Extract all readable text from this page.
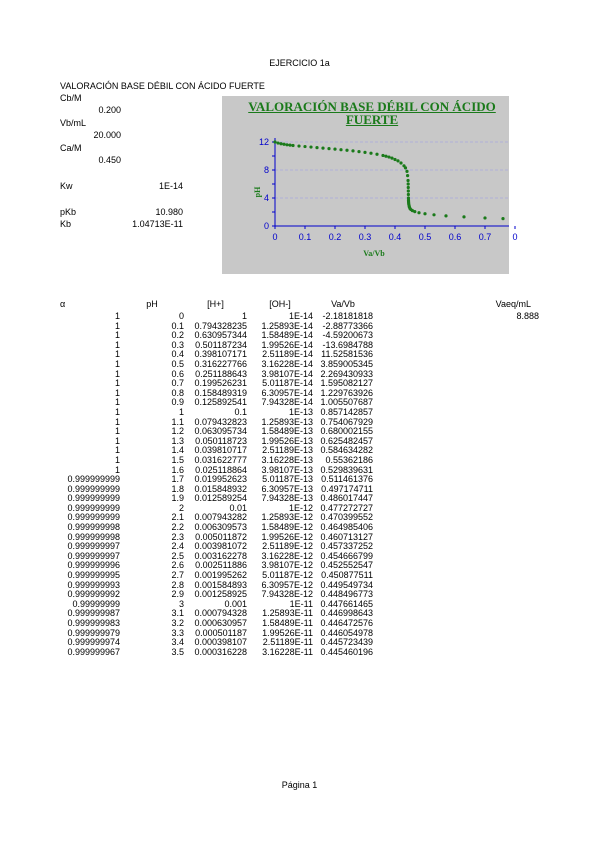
EJERCICIO 1a
VALORACIÓN BASE DÉBIL CON ÁCIDO FUERTE
Cb/M
0.200
Vb/mL
20.000
Ca/M
0.450
Kw	1E-14
pKb	10.980
Kb	1.04713E-11	0
4
8
12
0 0.1 0.2 0.3 0.4 0.5 0.6 0.7 0
pH
Va/Vb
VALORACIÓN BASE DÉBIL CON ÁCIDO FUERTE
α	pH	[H+]	[OH-]	Va/Vb	Vaeq/mL
1	0	1	1E-14	-2.18181818	8.888
1	0.1	0.794328235	1.25893E-14	-2.88773366	
1	0.2	0.630957344	1.58489E-14	-4.59200673	
1	0.3	0.501187234	1.99526E-14	-13.6984788	
1	0.4	0.398107171	2.51189E-14	11.52581536	
1	0.5	0.316227766	3.16228E-14	3.859005345	
1	0.6	0.251188643	3.98107E-14	2.269430933	
1	0.7	0.199526231	5.01187E-14	1.595082127	
1	0.8	0.158489319	6.30957E-14	1.229763926	
1	0.9	0.125892541	7.94328E-14	1.005507687	
1	1	0.1	1E-13	0.857142857	
1	1.1	0.079432823	1.25893E-13	0.754067929	
1	1.2	0.063095734	1.58489E-13	0.680002155	
1	1.3	0.050118723	1.99526E-13	0.625482457	
1	1.4	0.039810717	2.51189E-13	0.584634282	
1	1.5	0.031622777	3.16228E-13	0.55362186	
1	1.6	0.025118864	3.98107E-13	0.529839631	
0.999999999	1.7	0.019952623	5.01187E-13	0.511461376	
0.999999999	1.8	0.015848932	6.30957E-13	0.497174711	
0.999999999	1.9	0.012589254	7.94328E-13	0.486017447	
0.999999999	2	0.01	1E-12	0.477272727	
0.999999999	2.1	0.007943282	1.25893E-12	0.470399552	
0.999999998	2.2	0.006309573	1.58489E-12	0.464985406	
0.999999998	2.3	0.005011872	1.99526E-12	0.460713127	
0.999999997	2.4	0.003981072	2.51189E-12	0.457337252	
0.999999997	2.5	0.003162278	3.16228E-12	0.454666799	
0.999999996	2.6	0.002511886	3.98107E-12	0.452552547	
0.999999995	2.7	0.001995262	5.01187E-12	0.450877511	
0.999999993	2.8	0.001584893	6.30957E-12	0.449549734	
0.999999992	2.9	0.001258925	7.94328E-12	0.448496773	
0.99999999	3	0.001	1E-11	0.447661465	
0.999999987	3.1	0.000794328	1.25893E-11	0.446998643	
0.999999983	3.2	0.000630957	1.58489E-11	0.446472576	
0.999999979	3.3	0.000501187	1.99526E-11	0.446054978	
0.999999974	3.4	0.000398107	2.51189E-11	0.445723439	
0.999999967	3.5	0.000316228	3.16228E-11	0.445460196	
Página 1
